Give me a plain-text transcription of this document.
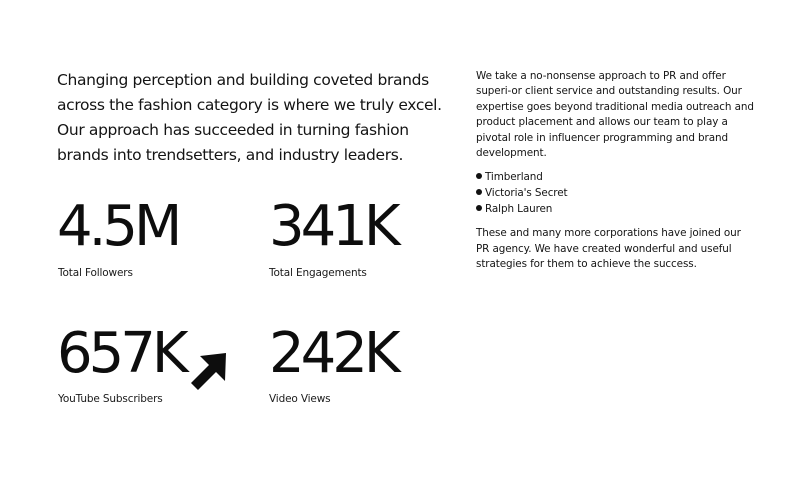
Changing perception and building coveted brands across the fashion category is where we truly excel. Our approach has succeeded in turning fashion brands into trendsetters, and industry leaders.

4.5M

Total Followers

341K

Total Engagements

657K

YouTube Subscribers

242K

Video Views

We take a no-nonsense approach to PR and offer superi-or client service and outstanding results. Our expertise goes beyond traditional media outreach and product placement and allows our team to play a pivotal role in influencer programming and brand development.

Timberland
Victoria's Secret
Ralph Lauren

These and many more corporations have joined our PR agency. We have created wonderful and useful strategies for them to achieve the success.
